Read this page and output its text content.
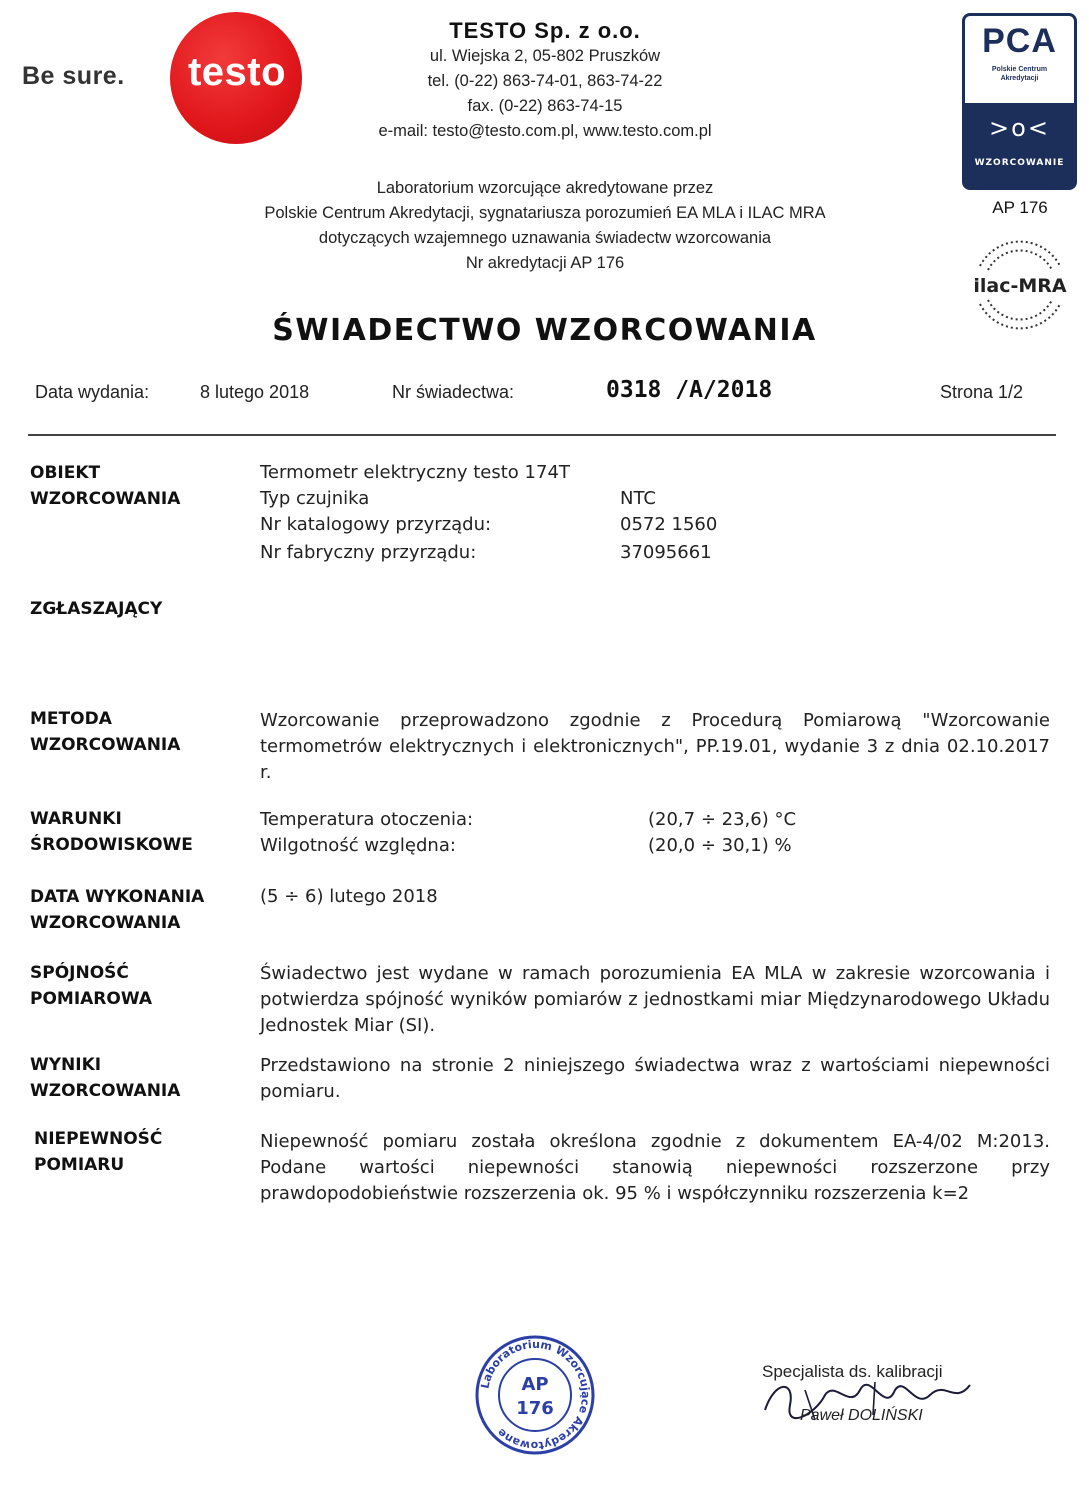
Be sure.	testo
TESTO Sp. z o.o.
ul. Wiejska 2, 05-802 Pruszków
tel. (0-22) 863-74-01, 863-74-22
fax. (0-22) 863-74-15
e-mail: testo@testo.com.pl, www.testo.com.pl
Laboratorium wzorcujące akredytowane przez
Polskie Centrum Akredytacji, sygnatariusza porozumień EA MLA i ILAC MRA
dotyczących wzajemnego uznawania świadectw wzorcowania
Nr akredytacji AP 176
PCA
Polskie Centrum
Akredytacji
>o<
WZORCOWANIE
AP 176
ilac-MRA
ŚWIADECTWO WZORCOWANIA
Data wydania:	8 lutego 2018	Nr świadectwa:	0318 /A/2018	Strona 1/2
OBIEKT
WZORCOWANIA
Termometr elektryczny testo 174T
Typ czujnika	NTC
Nr katalogowy przyrządu:	0572 1560
Nr fabryczny przyrządu:	37095661
ZGŁASZAJĄCY
METODA
WZORCOWANIA
Wzorcowanie przeprowadzono zgodnie z Procedurą Pomiarową "Wzorcowanie termometrów elektrycznych i elektronicznych", PP.19.01, wydanie 3 z dnia 02.10.2017 r.
WARUNKI
ŚRODOWISKOWE
Temperatura otoczenia:	(20,7 ÷ 23,6) °C
Wilgotność względna:	(20,0 ÷ 30,1) %
DATA WYKONANIA
WZORCOWANIA
(5 ÷ 6) lutego 2018
SPÓJNOŚĆ
POMIAROWA
Świadectwo jest wydane w ramach porozumienia EA MLA w zakresie wzorcowania i potwierdza spójność wyników pomiarów z jednostkami miar Międzynarodowego Układu Jednostek Miar (SI).
WYNIKI
WZORCOWANIA
Przedstawiono na stronie 2 niniejszego świadectwa wraz z wartościami niepewności pomiaru.
NIEPEWNOŚĆ
POMIARU
Niepewność pomiaru została określona zgodnie z dokumentem EA-4/02 M:2013. Podane wartości niepewności stanowią niepewności rozszerzone przy prawdopodobieństwie rozszerzenia ok. 95 % i współczynniku rozszerzenia k=2
Laboratorium Wzorcujące Akredytowane
AP
176
Specjalista ds. kalibracji
Paweł DOLIŃSKI
